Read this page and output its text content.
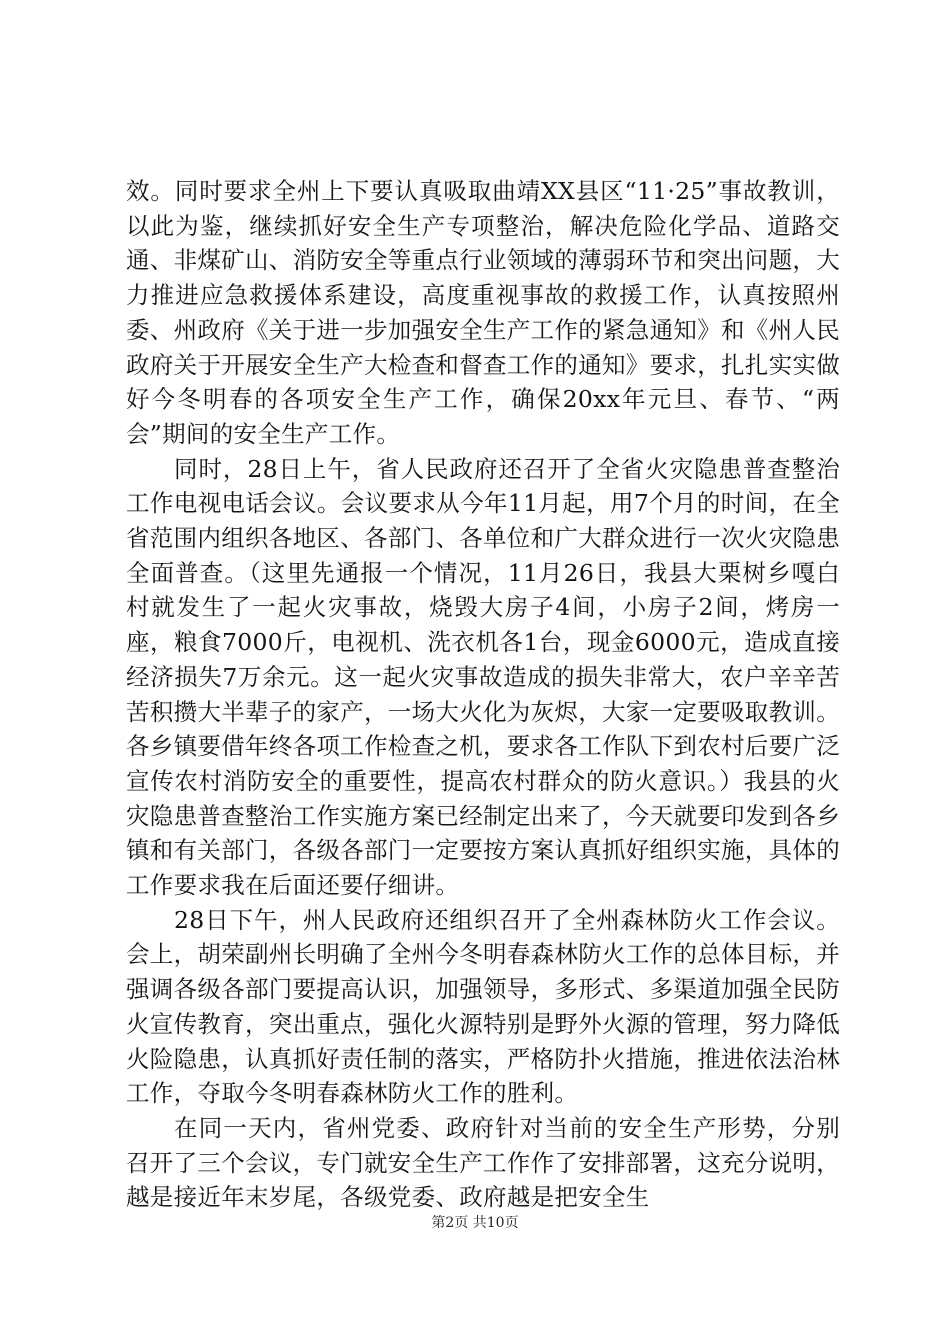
效。同时要求全州上下要认真吸取曲靖XX县区“11·25”事故教训，以此为鉴，继续抓好安全生产专项整治，解决危险化学品、道路交通、非煤矿山、消防安全等重点行业领域的薄弱环节和突出问题，大力推进应急救援体系建设，高度重视事故的救援工作，认真按照州委、州政府《关于进一步加强安全生产工作的紧急通知》和《州人民政府关于开展安全生产大检查和督查工作的通知》要求，扎扎实实做好今冬明春的各项安全生产工作，确保20xx年元旦、春节、“两会”期间的安全生产工作。

同时，28日上午，省人民政府还召开了全省火灾隐患普查整治工作电视电话会议。会议要求从今年11月起，用7个月的时间，在全省范围内组织各地区、各部门、各单位和广大群众进行一次火灾隐患全面普查。（这里先通报一个情况，11月26日，我县大栗树乡嘎白村就发生了一起火灾事故，烧毁大房子4间，小房子2间，烤房一座，粮食7000斤，电视机、洗衣机各1台，现金6000元，造成直接经济损失7万余元。这一起火灾事故造成的损失非常大，农户辛辛苦苦积攒大半辈子的家产，一场大火化为灰烬，大家一定要吸取教训。各乡镇要借年终各项工作检查之机，要求各工作队下到农村后要广泛宣传农村消防安全的重要性，提高农村群众的防火意识。）我县的火灾隐患普查整治工作实施方案已经制定出来了，今天就要印发到各乡镇和有关部门，各级各部门一定要按方案认真抓好组织实施，具体的工作要求我在后面还要仔细讲。

28日下午，州人民政府还组织召开了全州森林防火工作会议。会上，胡荣副州长明确了全州今冬明春森林防火工作的总体目标，并强调各级各部门要提高认识，加强领导，多形式、多渠道加强全民防火宣传教育，突出重点，强化火源特别是野外火源的管理，努力降低火险隐患，认真抓好责任制的落实，严格防扑火措施，推进依法治林工作，夺取今冬明春森林防火工作的胜利。

在同一天内，省州党委、政府针对当前的安全生产形势，分别召开了三个会议，专门就安全生产工作作了安排部署，这充分说明，越是接近年末岁尾，各级党委、政府越是把安全生

第2页 共10页
